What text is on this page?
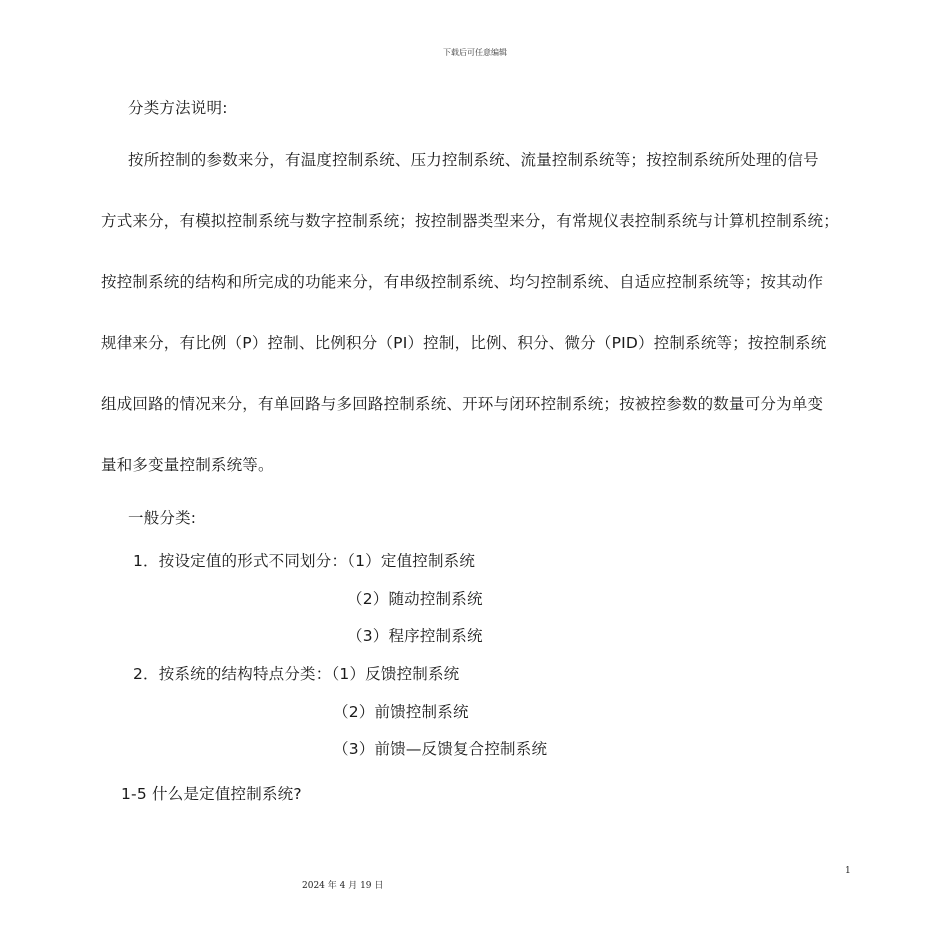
下载后可任意编辑
分类方法说明:
按所控制的参数来分，有温度控制系统、压力控制系统、流量控制系统等；按控制系统所处理的信号
方式来分，有模拟控制系统与数字控制系统；按控制器类型来分，有常规仪表控制系统与计算机控制系统；
按控制系统的结构和所完成的功能来分，有串级控制系统、均匀控制系统、自适应控制系统等；按其动作
规律来分，有比例（P）控制、比例积分（PI）控制，比例、积分、微分（PID）控制系统等；按控制系统
组成回路的情况来分，有单回路与多回路控制系统、开环与闭环控制系统；按被控参数的数量可分为单变
量和多变量控制系统等。
一般分类:
1．按设定值的形式不同划分：（1）定值控制系统
（2）随动控制系统
（3）程序控制系统
2．按系统的结构特点分类：（1）反馈控制系统
（2）前馈控制系统
（3）前馈—反馈复合控制系统
1-5 什么是定值控制系统?
1
2024 年 4 月 19 日
